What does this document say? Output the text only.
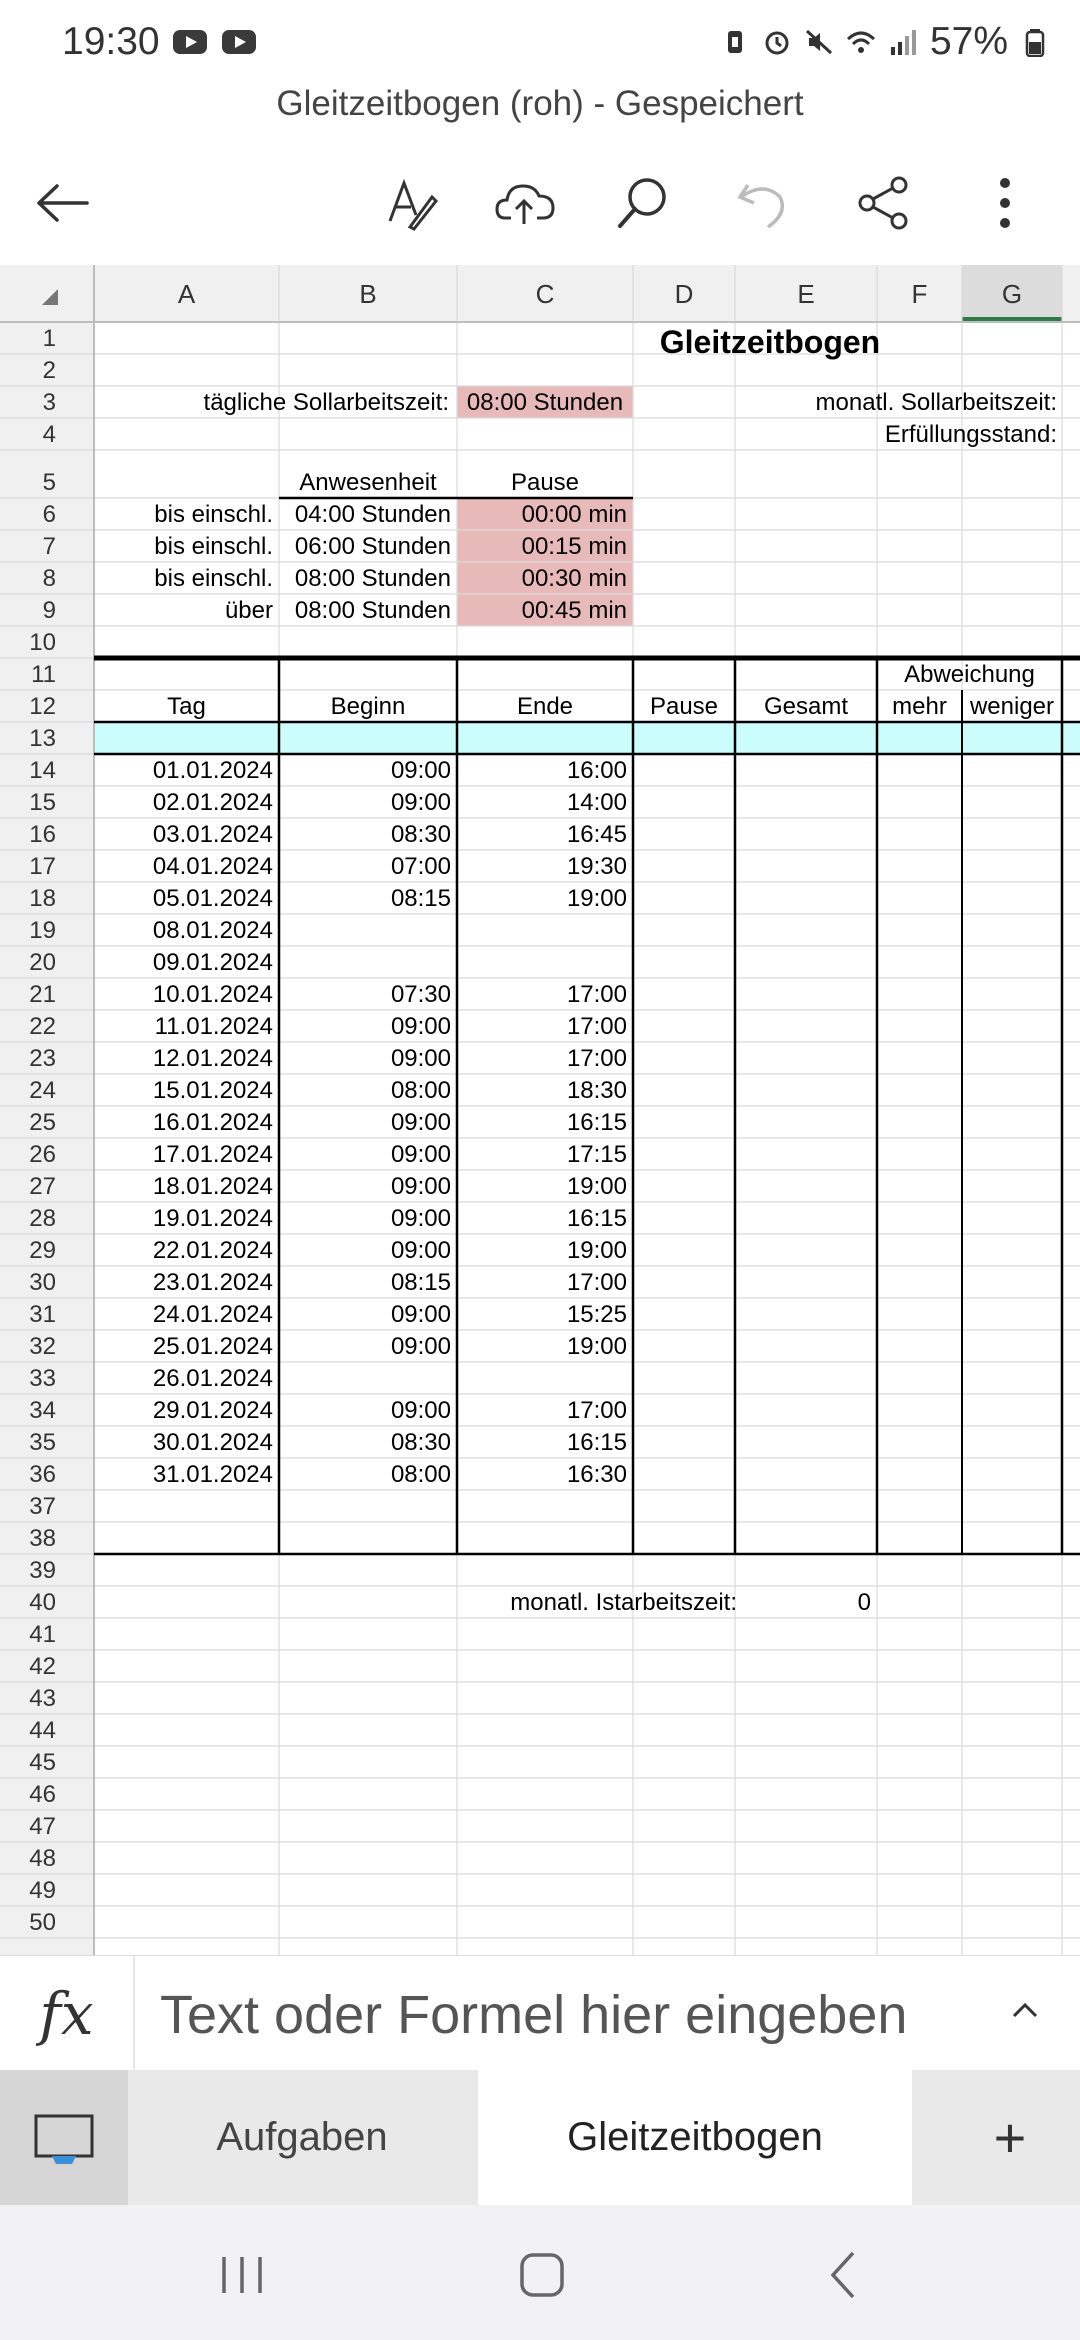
19:30	57%
Gleitzeitbogen (roh) - Gespeichert
A	B	C	D	E	F	G
1
2
3
4
5
6
7
8
9
10
11
12
13
14
15
16
17
18
19
20
21
22
23
24
25
26
27
28
29
30
31
32
33
34
35
36
37
38
39
40
41
42
43
44
45
46
47
48
49
50
Gleitzeitbogen
tägliche Sollarbeitszeit: 08:00 Stunden	monatl. Sollarbeitszeit:
Erfüllungsstand:
Anwesenheit	Pause
bis einschl. 04:00 Stunden	00:00 min
bis einschl. 06:00 Stunden	00:15 min
bis einschl. 08:00 Stunden	00:30 min
über 08:00 Stunden	00:45 min
Abweichung
Tag	Beginn	Ende	Pause	Gesamt	mehr weniger
01.01.2024	09:00	16:00
02.01.2024	09:00	14:00
03.01.2024	08:30	16:45
04.01.2024	07:00	19:30
05.01.2024	08:15	19:00
08.01.2024
09.01.2024
10.01.2024	07:30	17:00
11.01.2024	09:00	17:00
12.01.2024	09:00	17:00
15.01.2024	08:00	18:30
16.01.2024	09:00	16:15
17.01.2024	09:00	17:15
18.01.2024	09:00	19:00
19.01.2024	09:00	16:15
22.01.2024	09:00	19:00
23.01.2024	08:15	17:00
24.01.2024	09:00	15:25
25.01.2024	09:00	19:00
26.01.2024
29.01.2024	09:00	17:00
30.01.2024	08:30	16:15
31.01.2024	08:00	16:30
monatl. Istarbeitszeit:	0
fx	Text oder Formel hier eingeben
Aufgaben	Gleitzeitbogen	+
